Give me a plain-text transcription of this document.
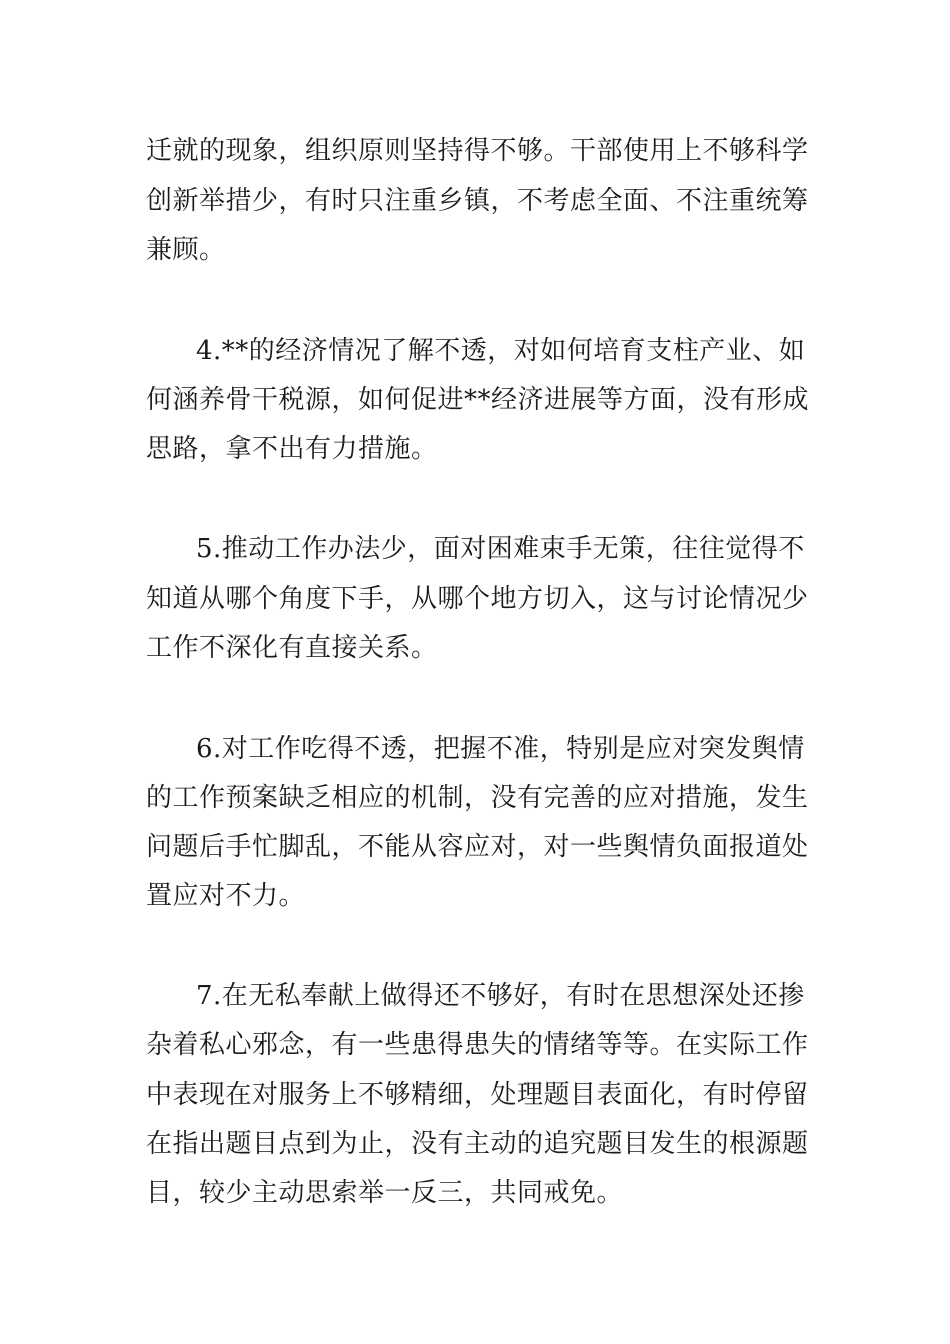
迁就的现象，组织原则坚持得不够。干部使用上不够科学
创新举措少，有时只注重乡镇，不考虑全面、不注重统筹
兼顾。
4.**的经济情况了解不透，对如何培育支柱产业、如
何涵养骨干税源，如何促进**经济进展等方面，没有形成
思路，拿不出有力措施。
5.推动工作办法少，面对困难束手无策，往往觉得不
知道从哪个角度下手，从哪个地方切入，这与讨论情况少
工作不深化有直接关系。
6.对工作吃得不透，把握不准，特别是应对突发舆情
的工作预案缺乏相应的机制，没有完善的应对措施，发生
问题后手忙脚乱，不能从容应对，对一些舆情负面报道处
置应对不力。
7.在无私奉献上做得还不够好，有时在思想深处还掺
杂着私心邪念，有一些患得患失的情绪等等。在实际工作
中表现在对服务上不够精细，处理题目表面化，有时停留
在指出题目点到为止，没有主动的追究题目发生的根源题
目，较少主动思索举一反三，共同戒免。
